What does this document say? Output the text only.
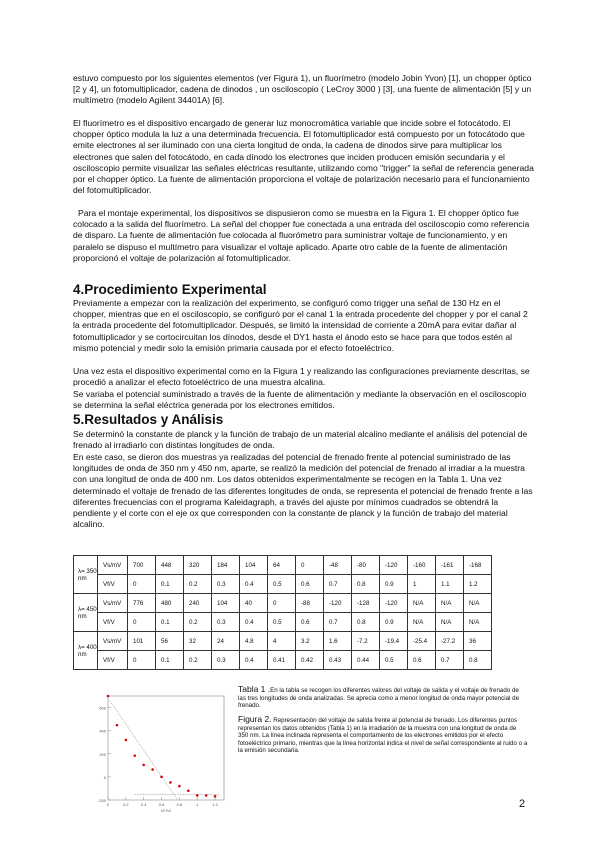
estuvo compuesto por los siguientes elementos (ver Figura 1), un fluorímetro (modelo Jobin Yvon) [1], un chopper óptico [2 y 4], un fotomultiplicador, cadena de dinodos , un osciloscopio ( LeCroy 3000 ) [3], una fuente de alimentación [5] y un multímetro (modelo Agilent 34401A) [6].

El fluorímetro es el dispositivo encargado de generar luz monocromática variable que incide sobre el fotocátodo. El chopper óptico modula la luz a una determinada frecuencia. El fotomultiplicador está compuesto por un fotocátodo que emite electrones al ser iluminado con una cierta longitud de onda, la cadena de dinodos sirve para multiplicar los electrones que salen del fotocátodo, en cada dínodo los electrones que inciden producen emisión secundaria y el osciloscopio permite visualizar las señales eléctricas resultante, utilizando como "trigger" la señal de referencia generada por el chopper óptico. La fuente de alimentación proporciona el voltaje de polarización necesario para el funcionamiento del fotomultiplicador.

Para el montaje experimental, los dispositivos se dispusieron como se muestra en la Figura 1. El chopper óptico fue colocado a la salida del fluorímetro. La señal del chopper fue conectada a una entrada del osciloscopio como referencia de disparo. La fuente de alimentación fue colocada al fluorómetro para suministrar voltaje de funcionamiento, y en paralelo se dispuso el multímetro para visualizar el voltaje aplicado. Aparte otro cable de la fuente de alimentación proporcionó el voltaje de polarización al fotomultiplicador.

4.Procedimiento Experimental

Previamente a empezar con la realización del experimento, se configuró como trigger una señal de 130 Hz en el chopper, mientras que en el osciloscopio, se configuró por el canal 1 la entrada procedente del chopper y por el canal 2 la entrada procedente del fotomultiplicador. Después, se limitó la intensidad de corriente a 20mA para evitar dañar al fotomultiplicador y se cortocircuitan los dínodos, desde el DY1 hasta el ánodo esto se hace para que todos estén al mismo potencial y medir solo la emisión primaria causada por el efecto fotoeléctrico.

Una vez esta el dispositivo experimental como en la Figura 1 y realizando las configuraciones previamente descritas, se procedió a analizar el efecto fotoeléctrico de una muestra alcalina.

Se variaba el potencial suministrado a través de la fuente de alimentación y mediante la observación en el osciloscopio se determina la señal eléctrica generada por los electrones emitidos.

5.Resultados y Análisis

Se determinó la constante de planck y la función de trabajo de un material alcalino mediante el análisis del potencial de frenado al irradiarlo con distintas longitudes de onda.

En este caso, se dieron dos muestras ya realizadas del potencial de frenado frente al potencial suministrado de las longitudes de onda de 350 nm y 450 nm, aparte, se realizó la medición del potencial de frenado al irradiar a la muestra con una longitud de onda de 400 nm. Los datos obtenidos experimentalmente se recogen en la Tabla 1. Una vez determinado el voltaje de frenado de las diferentes longitudes de onda, se representa el potencial de frenado frente a las diferentes frecuencias con el programa Kaleidagraph, a través del ajuste por mínimos cuadrados se obtendrá la pendiente y el corte con el eje ox que corresponden con la constante de planck y la función de trabajo del material alcalino.

λ= 350 nm	Vs/mV	700	448	320	184	104	64	0	-48	-80	-120	-160	-161	-168
	Vf/V	0	0.1	0.2	0.3	0.4	0.5	0.6	0.7	0.8	0.9	1	1.1	1.2
λ= 450 nm	Vs/mV	776	480	240	104	40	0	-88	-120	-128	-120	N/A	N/A	N/A
	Vf/V	0	0.1	0.2	0.3	0.4	0.5	0.6	0.7	0.8	0.9	N/A	N/A	N/A
λ= 400 nm	Vs/mV	101	56	32	24	4.8	4	3.2	1.6	-7.2	-19.4	-25.4	-27.2	36
	Vf/V	0	0.1	0.2	0.3	0.4	0.41	0.42	0.43	0.44	0.5	0.6	0.7	0.8

Tabla 1 .En la tabla se recogen los diferentes valores del voltaje de salida y el voltaje de frenado de las tres longitudes de onda analizadas. Se aprecia como a menor longitud de onda mayor potencial de frenado.

Figura 2. Representación del voltaje de salida frente al potencial de frenado. Los diferentes puntos representan los datos obtenidos (Tabla 1) en la irradiación de la muestra con una longitud de onda de 350 nm. La línea inclinada representa el comportamiento de los electrones emitidos por el efecto fotoeléctrico primario, mientras que la línea horizontal indica el nivel de señal correspondiente al ruido o a la emisión secundaria.

600
400
200
0
-200
0	0.2	0.4	0.6	0.8	1	1.2
Vf (V)
2
